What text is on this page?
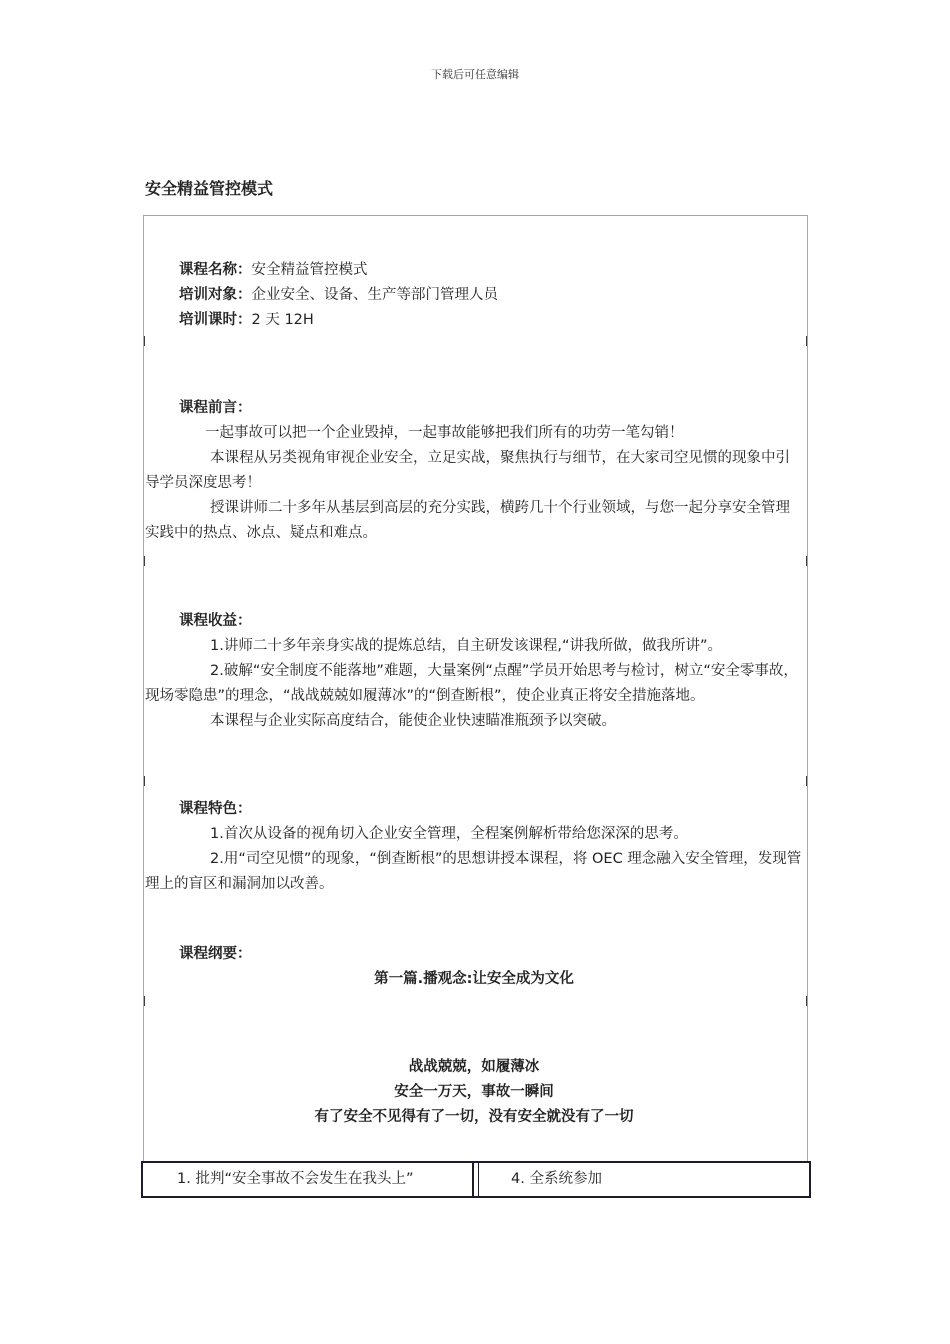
下载后可任意编辑
安全精益管控模式
课程名称：安全精益管控模式
培训对象：企业安全、设备、生产等部门管理人员
培训课时：2 天 12H
课程前言：
一起事故可以把一个企业毁掉，一起事故能够把我们所有的功劳一笔勾销！
本课程从另类视角审视企业安全，立足实战，聚焦执行与细节，在大家司空见惯的现象中引导学员深度思考！
授课讲师二十多年从基层到高层的充分实践，横跨几十个行业领域，与您一起分享安全管理实践中的热点、冰点、疑点和难点。
课程收益：
1.讲师二十多年亲身实战的提炼总结，自主研发该课程,“讲我所做，做我所讲”。
2.破解“安全制度不能落地”难题，大量案例“点醒”学员开始思考与检讨，树立“安全零事故，现场零隐患”的理念，“战战兢兢如履薄冰”的“倒查断根”，使企业真正将安全措施落地。
本课程与企业实际高度结合，能使企业快速瞄准瓶颈予以突破。
课程特色：
1.首次从设备的视角切入企业安全管理，全程案例解析带给您深深的思考。
2.用“司空见惯”的现象，“倒查断根”的思想讲授本课程，将 OEC 理念融入安全管理，发现管理上的盲区和漏洞加以改善。
课程纲要：
第一篇.播观念:让安全成为文化
战战兢兢，如履薄冰
安全一万天，事故一瞬间
有了安全不见得有了一切，没有安全就没有了一切
1. 批判“安全事故不会发生在我头上”	4. 全系统参加
